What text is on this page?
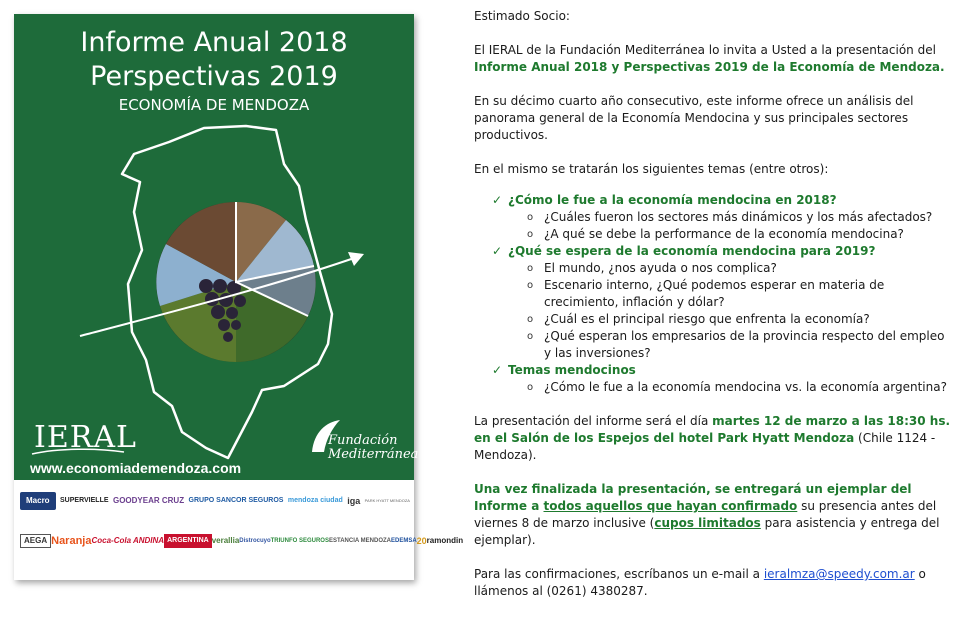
Informe Anual 2018
Perspectivas 2019
ECONOMÍA DE MENDOZA
IERAL
www.economiademendoza.com
Fundación
Mediterránea
Macro	SUPERVIELLE GOODYEAR CRUZ GRUPO SANCOR SEGUROS mendoza ciudad iga PARK HYATT MENDOZA
AEGA Naranja Coca-Cola ANDINA ARGENTINA verallia Distrocuyo TRIUNFO SEGUROS ESTANCIA MENDOZA EDEMSA 20 ramondin

Estimado Socio:

El IERAL de la Fundación Mediterránea lo invita a Usted a la presentación del Informe Anual 2018 y Perspectivas 2019 de la Economía de Mendoza.

En su décimo cuarto año consecutivo, este informe ofrece un análisis del panorama general de la Economía Mendocina y sus principales sectores productivos.

En el mismo se tratarán los siguientes temas (entre otros):

✓ ¿Cómo le fue a la economía mendocina en 2018?
o ¿Cuáles fueron los sectores más dinámicos y los más afectados?
o ¿A qué se debe la performance de la economía mendocina?
✓ ¿Qué se espera de la economía mendocina para 2019?
o El mundo, ¿nos ayuda o nos complica?
o Escenario interno, ¿Qué podemos esperar en materia de crecimiento, inflación y dólar?
o ¿Cuál es el principal riesgo que enfrenta la economía?
o ¿Qué esperan los empresarios de la provincia respecto del empleo y las inversiones?
✓ Temas mendocinos
o ¿Cómo le fue a la economía mendocina vs. la economía argentina?

La presentación del informe será el día martes 12 de marzo a las 18:30 hs. en el Salón de los Espejos del hotel Park Hyatt Mendoza (Chile 1124 - Mendoza).

Una vez finalizada la presentación, se entregará un ejemplar del Informe a todos aquellos que hayan confirmado su presencia antes del viernes 8 de marzo inclusive (cupos limitados para asistencia y entrega del ejemplar).

Para las confirmaciones, escríbanos un e-mail a ieralmza@speedy.com.ar o llámenos al (0261) 4380287.
